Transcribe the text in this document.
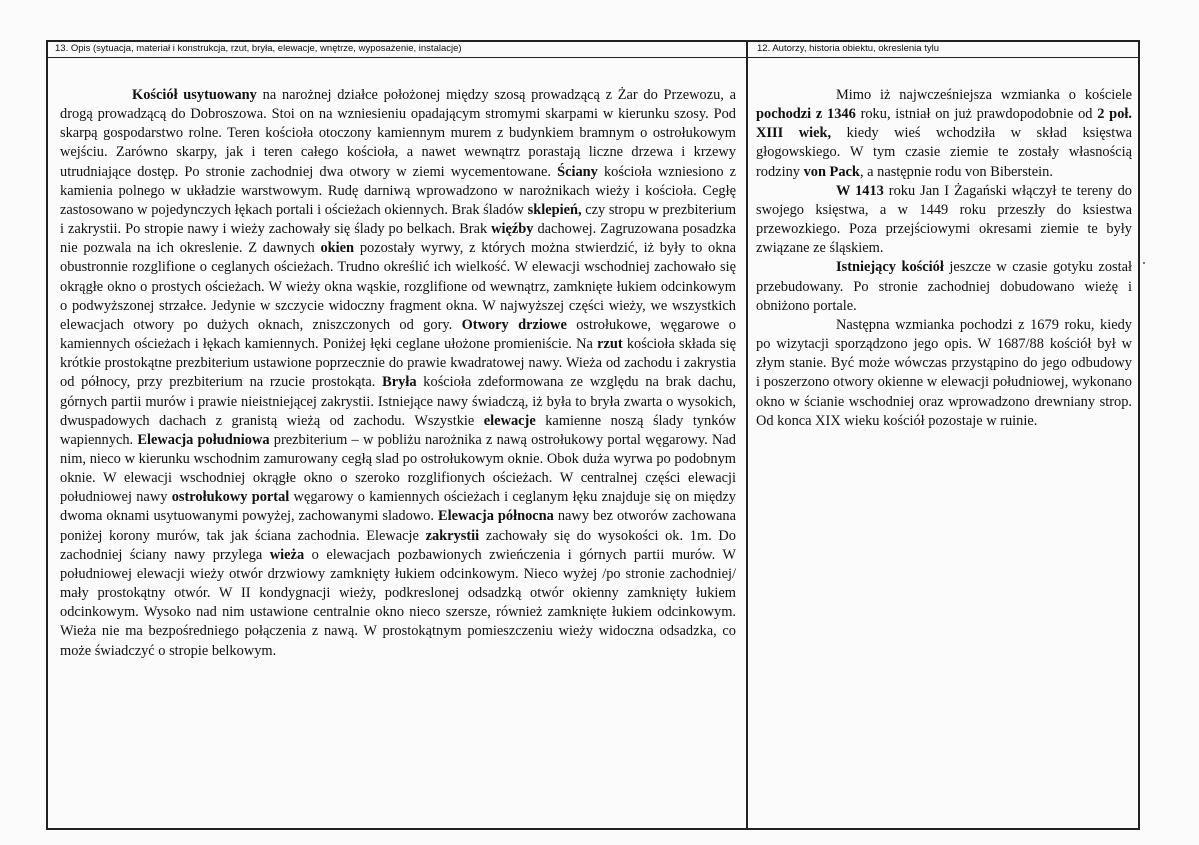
13. Opis (sytuacja, materiał i konstrukcja, rzut, bryła, elewacje, wnętrze, wyposażenie, instalacje)	12. Autorzy, historia obiektu, okreslenia tylu

Kościół usytuowany na narożnej działce położonej między szosą prowadzącą z Żar do Przewozu, a drogą prowadzącą do Dobroszowa. Stoi on na wzniesieniu opadającym stromymi skarpami w kierunku szosy. Pod skarpą gospodarstwo rolne. Teren kościoła otoczony kamiennym murem z budynkiem bramnym o ostrołukowym wejściu. Zarówno skarpy, jak i teren całego kościoła, a nawet wewnątrz porastają liczne drzewa i krzewy utrudniające dostęp. Po stronie zachodniej dwa otwory w ziemi wycementowane. Ściany kościoła wzniesiono z kamienia polnego w układzie warstwowym. Rudę darniwą wprowadzono w narożnikach wieży i kościoła. Cegłę zastosowano w pojedynczych łękach portali i ościeżach okiennych. Brak śladów sklepień, czy stropu w prezbiterium i zakrystii. Po stropie nawy i wieży zachowały się ślady po belkach. Brak więźby dachowej. Zagruzowana posadzka nie pozwala na ich okreslenie. Z dawnych okien pozostały wyrwy, z których można stwierdzić, iż były to okna obustronnie rozglifione o ceglanych ościeżach. Trudno określić ich wielkość. W elewacji wschodniej zachowało się okrągłe okno o prostych ościeżach. W wieży okna wąskie, rozglifione od wewnątrz, zamknięte łukiem odcinkowym o podwyższonej strzałce. Jedynie w szczycie widoczny fragment okna. W najwyższej części wieży, we wszystkich elewacjach otwory po dużych oknach, zniszczonych od gory. Otwory drziowe ostrołukowe, węgarowe o kamiennych ościeżach i łękach kamiennych. Poniżej łęki ceglane ułożone promieniście. Na rzut kościoła składa się krótkie prostokątne prezbiterium ustawione poprzecznie do prawie kwadratowej nawy. Wieża od zachodu i zakrystia od północy, przy prezbiterium na rzucie prostokąta. Bryła kościoła zdeformowana ze względu na brak dachu, górnych partii murów i prawie nieistniejącej zakrystii. Istniejące nawy świadczą, iż była to bryła zwarta o wysokich, dwuspadowych dachach z granistą wieżą od zachodu. Wszystkie elewacje kamienne noszą ślady tynków wapiennych. Elewacja południowa prezbiterium – w pobliżu narożnika z nawą ostrołukowy portal węgarowy. Nad nim, nieco w kierunku wschodnim zamurowany cegłą slad po ostrołukowym oknie. Obok duża wyrwa po podobnym oknie. W elewacji wschodniej okrągłe okno o szeroko rozglifionych ościeżach. W centralnej części elewacji południowej nawy ostrołukowy portal węgarowy o kamiennych ościeżach i ceglanym łęku znajduje się on między dwoma oknami usytuowanymi powyżej, zachowanymi sladowo. Elewacja północna nawy bez otworów zachowana poniżej korony murów, tak jak ściana zachodnia. Elewacje zakrystii zachowały się do wysokości ok. 1m. Do zachodniej ściany nawy przylega wieża o elewacjach pozbawionych zwieńczenia i górnych partii murów. W południowej elewacji wieży otwór drzwiowy zamknięty łukiem odcinkowym. Nieco wyżej /po stronie zachodniej/ mały prostokątny otwór. W II kondygnacji wieży, podkreslonej odsadzką otwór okienny zamknięty łukiem odcinkowym. Wysoko nad nim ustawione centralnie okno nieco szersze, również zamknięte łukiem odcinkowym. Wieża nie ma bezpośredniego połączenia z nawą. W prostokątnym pomieszczeniu wieży widoczna odsadzka, co może świadczyć o stropie belkowym.

Mimo iż najwcześniejsza wzmianka o kościele pochodzi z 1346 roku, istniał on już prawdopodobnie od 2 poł. XIII wiek, kiedy wieś wchodziła w skład księstwa głogowskiego. W tym czasie ziemie te zostały własnością rodziny von Pack, a następnie rodu von Biberstein.

W 1413 roku Jan I Żagański włączył te tereny do swojego księstwa, a w 1449 roku przeszły do ksiestwa przewozkiego. Poza przejściowymi okresami ziemie te były związane ze śląskiem.

Istniejący kościół jeszcze w czasie gotyku został przebudowany. Po stronie zachodniej dobudowano wieżę i obniżono portale.

Następna wzmianka pochodzi z 1679 roku, kiedy po wizytacji sporządzono jego opis. W 1687/88 kościół był w złym stanie. Być może wówczas przystąpino do jego odbudowy i poszerzono otwory okienne w elewacji południowej, wykonano okno w ścianie wschodniej oraz wprowadzono drewniany strop. Od konca XIX wieku kościół pozostaje w ruinie.
